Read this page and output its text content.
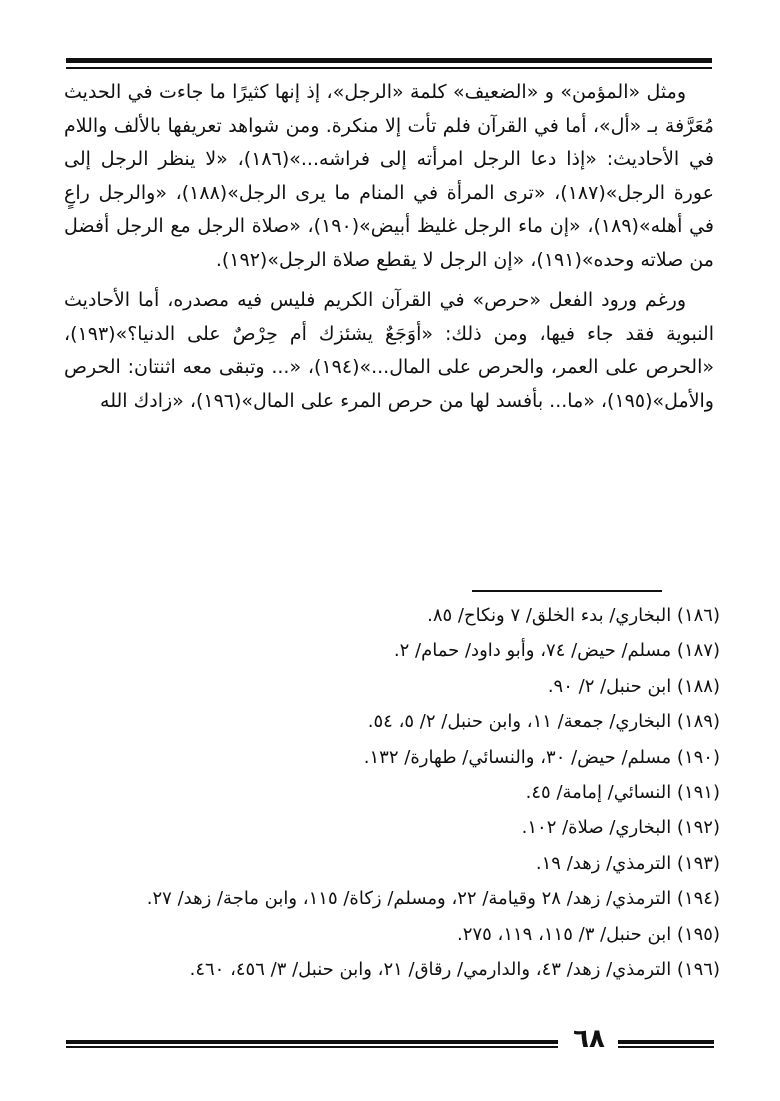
ومثل «المؤمن» و «الضعيف» كلمة «الرجل»، إذ إنها كثيرًا ما جاءت في الحديث مُعَرَّفة بـ «أل»، أما في القرآن فلم تأت إلا منكرة. ومن شواهد تعريفها بالألف واللام في الأحاديث: «إذا دعا الرجل امرأته إلى فراشه...»(١٨٦)، «لا ينظر الرجل إلى عورة الرجل»(١٨٧)، «ترى المرأة في المنام ما يرى الرجل»(١٨٨)، «والرجل راعٍ في أهله»(١٨٩)، «إن ماء الرجل غليظ أبيض»(١٩٠)، «صلاة الرجل مع الرجل أفضل من صلاته وحده»(١٩١)، «إن الرجل لا يقطع صلاة الرجل»(١٩٢).

ورغم ورود الفعل «حرص» في القرآن الكريم فليس فيه مصدره، أما الأحاديث النبوية فقد جاء فيها، ومن ذلك: «أوَجَعٌ يشئزك أم حِرْصٌ على الدنيا؟»(١٩٣)، «الحرص على العمر، والحرص على المال...»(١٩٤)، «... وتبقى معه اثنتان: الحرص والأمل»(١٩٥)، «ما... بأفسد لها من حرص المرء على المال»(١٩٦)، «زادك الله

(١٨٦) البخاري/ بدء الخلق/ ٧ ونكاح/ ٨٥.
(١٨٧) مسلم/ حيض/ ٧٤، وأبو داود/ حمام/ ٢.
(١٨٨) ابن حنبل/ ٢/ ٩٠.
(١٨٩) البخاري/ جمعة/ ١١، وابن حنبل/ ٢/ ٥، ٥٤.
(١٩٠) مسلم/ حيض/ ٣٠، والنسائي/ طهارة/ ١٣٢.
(١٩١) النسائي/ إمامة/ ٤٥.
(١٩٢) البخاري/ صلاة/ ١٠٢.
(١٩٣) الترمذي/ زهد/ ١٩.
(١٩٤) الترمذي/ زهد/ ٢٨ وقيامة/ ٢٢، ومسلم/ زكاة/ ١١٥، وابن ماجة/ زهد/ ٢٧.
(١٩٥) ابن حنبل/ ٣/ ١١٥، ١١٩، ٢٧٥.
(١٩٦) الترمذي/ زهد/ ٤٣، والدارمي/ رقاق/ ٢١، وابن حنبل/ ٣/ ٤٥٦، ٤٦٠.
٦٨
